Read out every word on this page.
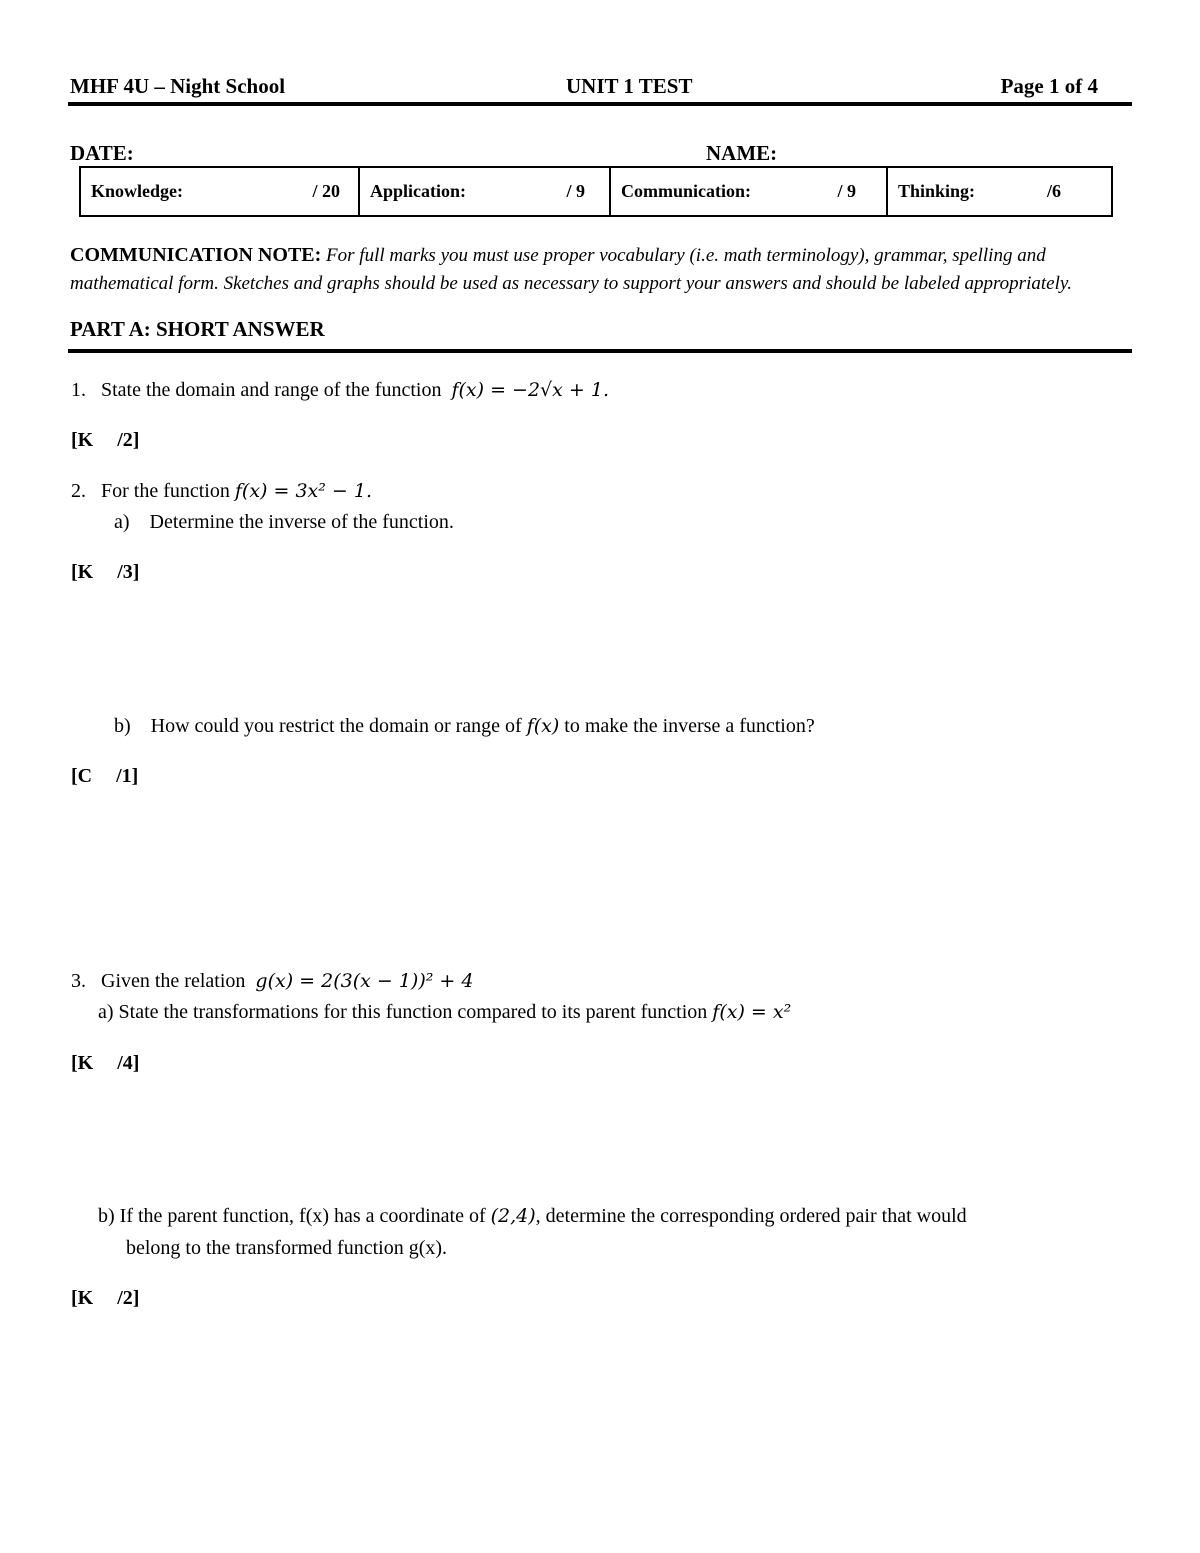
MHF 4U – Night School	UNIT 1 TEST	Page 1 of 4
DATE:	NAME:
Knowledge:	/ 20	Application:	/ 9	Communication:	/ 9	Thinking:	/6
COMMUNICATION NOTE: For full marks you must use proper vocabulary (i.e. math terminology), grammar, spelling and
mathematical form. Sketches and graphs should be used as necessary to support your answers and should be labeled appropriately.
PART A: SHORT ANSWER
1. State the domain and range of the function f(x) = −2√x + 1.
[K /2]
2. For the function f(x) = 3x² − 1.
a) Determine the inverse of the function.
[K /3]
b) How could you restrict the domain or range of f(x) to make the inverse a function?
[C /1]
3. Given the relation g(x) = 2(3(x − 1))² + 4
a) State the transformations for this function compared to its parent function f(x) = x²
[K /4]
b) If the parent function, f(x) has a coordinate of (2,4), determine the corresponding ordered pair that would
belong to the transformed function g(x).
[K /2]
